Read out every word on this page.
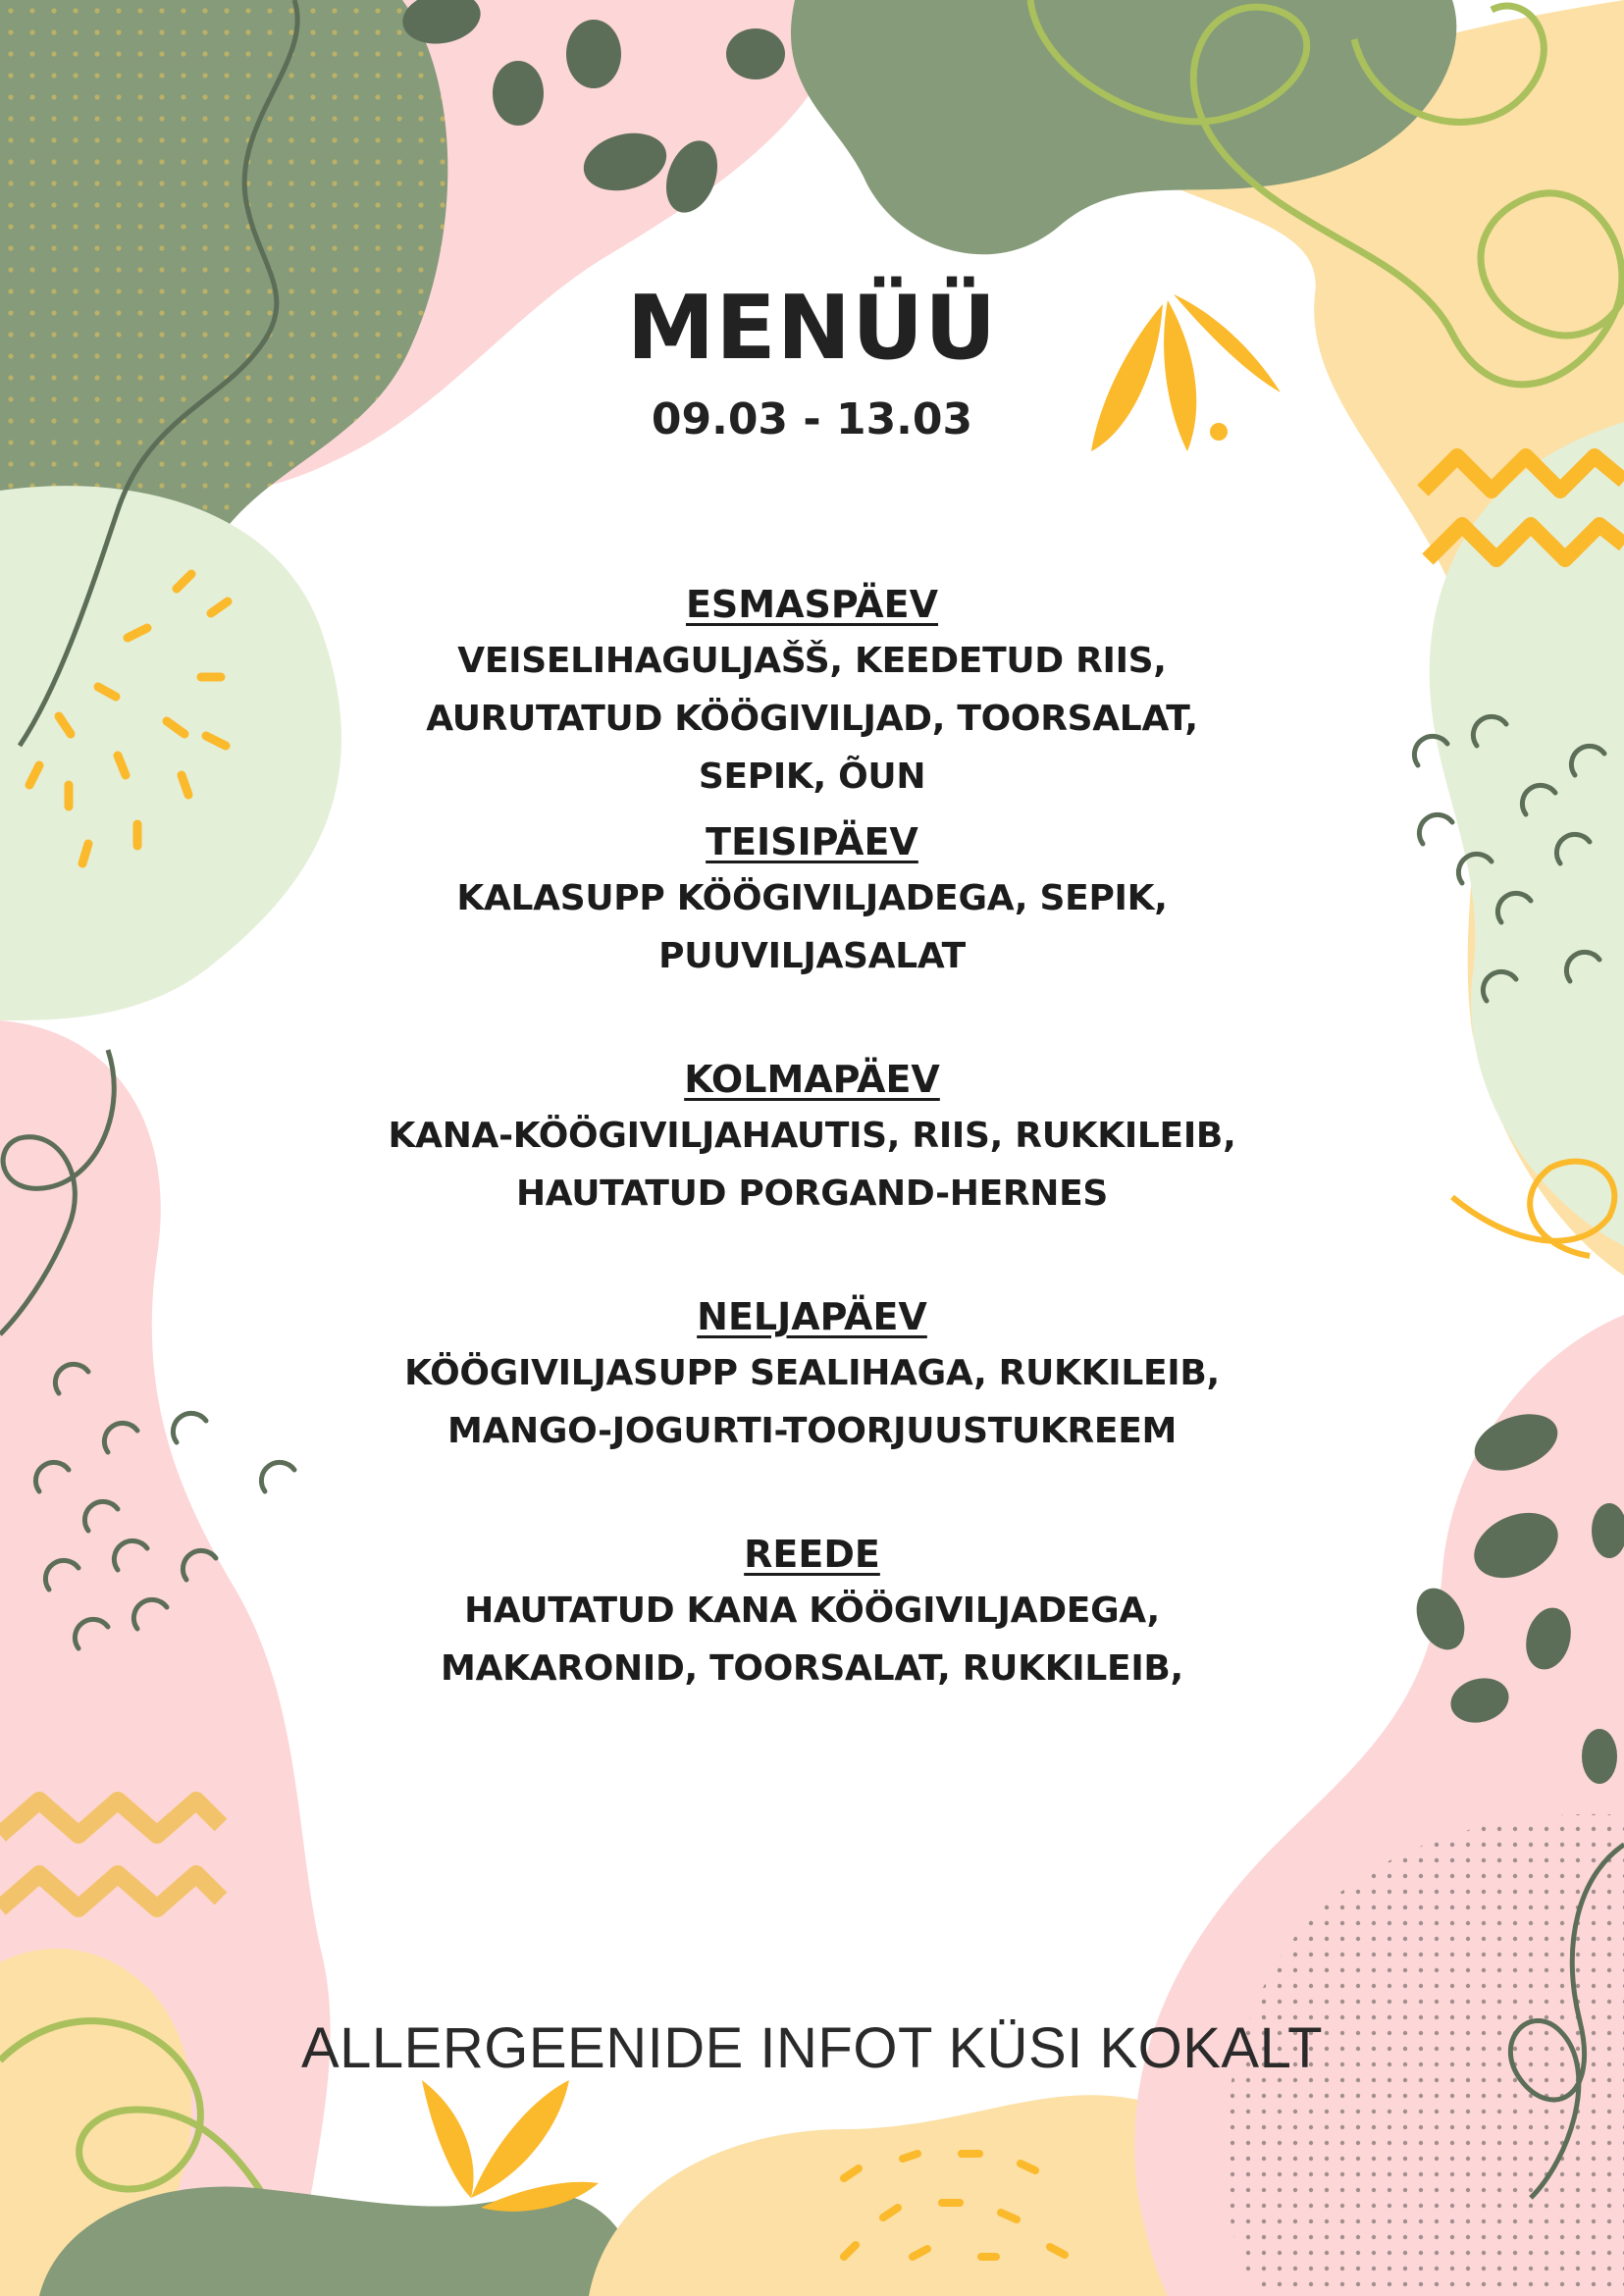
MENÜÜ
09.03 - 13.03
ESMASPÄEV
VEISELIHAGULJAŠŠ, KEEDETUD RIIS,
AURUTATUD KÖÖGIVILJAD, TOORSALAT,
SEPIK, ÕUN
TEISIPÄEV
KALASUPP KÖÖGIVILJADEGA, SEPIK,
PUUVILJASALAT
KOLMAPÄEV
KANA-KÖÖGIVILJAHAUTIS, RIIS, RUKKILEIB,
HAUTATUD PORGAND-HERNES
NELJAPÄEV
KÖÖGIVILJASUPP SEALIHAGA, RUKKILEIB,
MANGO-JOGURTI-TOORJUUSTUKREEM
REEDE
HAUTATUD KANA KÖÖGIVILJADEGA,
MAKARONID, TOORSALAT, RUKKILEIB,
ALLERGEENIDE INFOT KÜSI KOKALT
